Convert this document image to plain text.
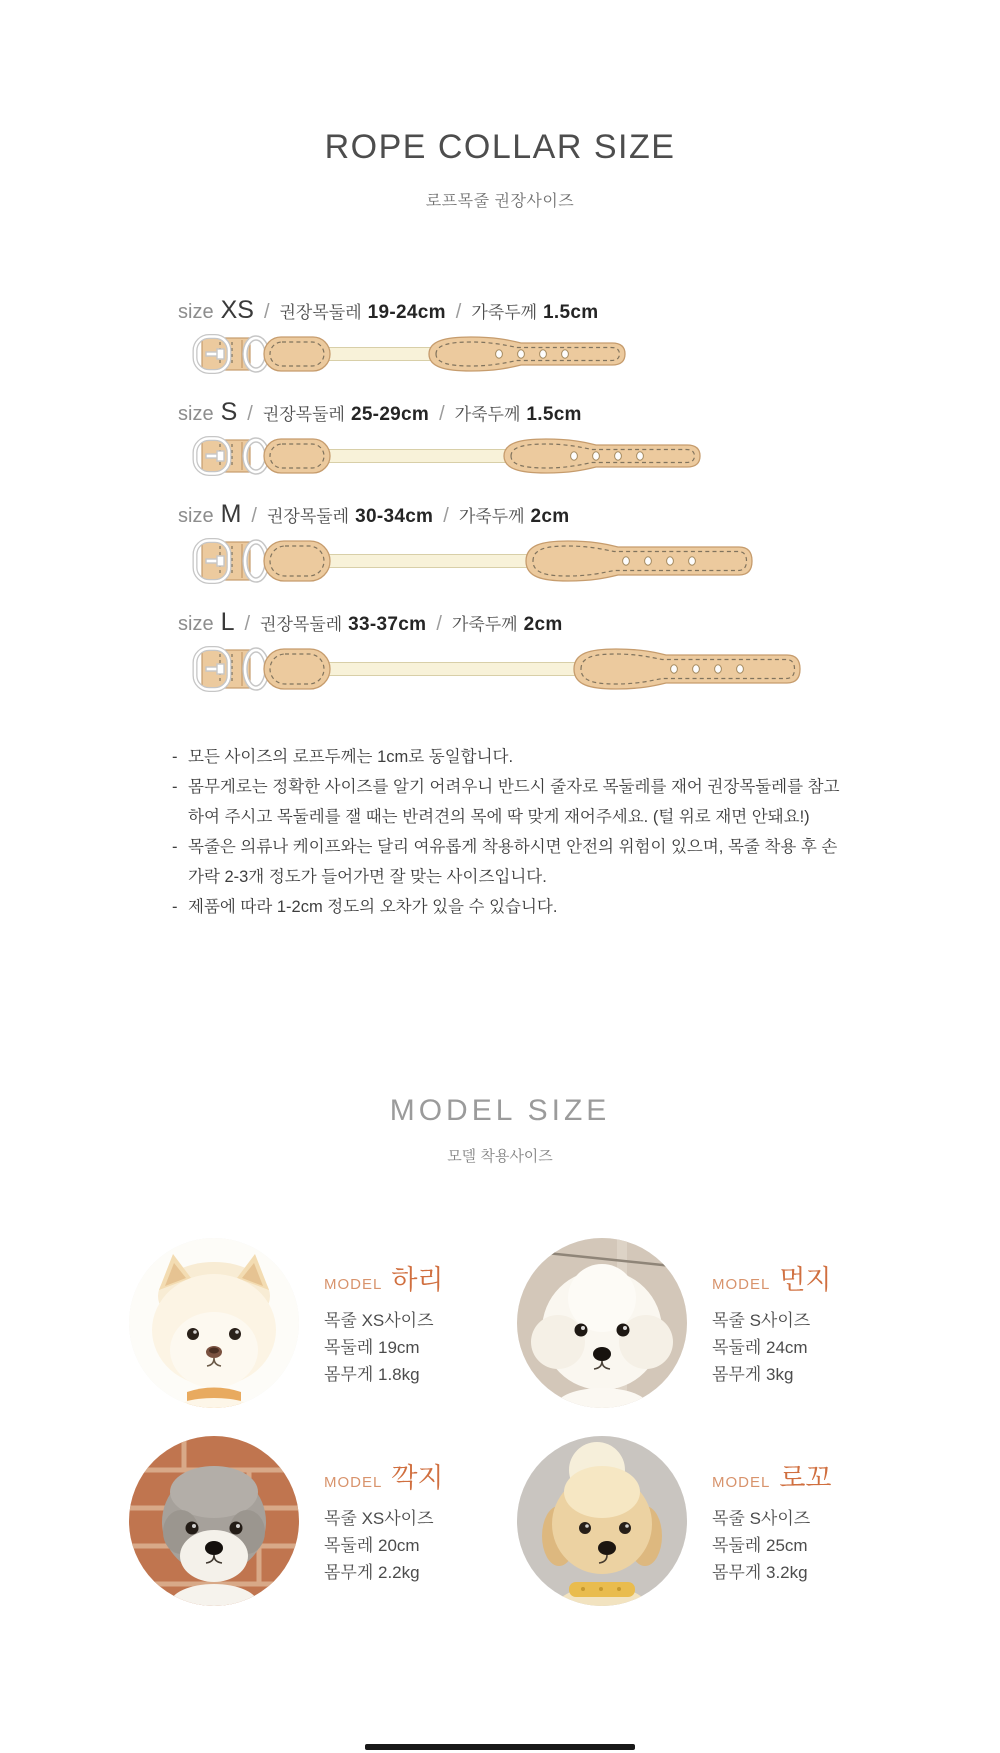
ROPE COLLAR SIZE

로프목줄 권장사이즈

size XS / 권장목둘레 19-24cm / 가죽두께 1.5cm
size S / 권장목둘레 25-29cm / 가죽두께 1.5cm
size M / 권장목둘레 30-34cm / 가죽두께 2cm
size L / 권장목둘레 33-37cm / 가죽두께 2cm
- 모든 사이즈의 로프두께는 1cm로 동일합니다.
- 몸무게로는 정확한 사이즈를 알기 어려우니 반드시 줄자로 목둘레를 재어 권장목둘레를 참고하여 주시고 목둘레를 잴 때는 반려견의 목에 딱 맞게 재어주세요. (털 위로 재면 안돼요!)
- 목줄은 의류나 케이프와는 달리 여유롭게 착용하시면 안전의 위험이 있으며, 목줄 착용 후 손가락 2-3개 정도가 들어가면 잘 맞는 사이즈입니다.
- 제품에 따라 1-2cm 정도의 오차가 있을 수 있습니다.
MODEL SIZE

모델 착용사이즈

MODEL 하리
목줄 XS사이즈
목둘레 19cm
몸무게 1.8kg
MODEL 먼지
목줄 S사이즈
목둘레 24cm
몸무게 3kg
MODEL 깍지
목줄 XS사이즈
목둘레 20cm
몸무게 2.2kg
MODEL 로꼬
목줄 S사이즈
목둘레 25cm
몸무게 3.2kg
